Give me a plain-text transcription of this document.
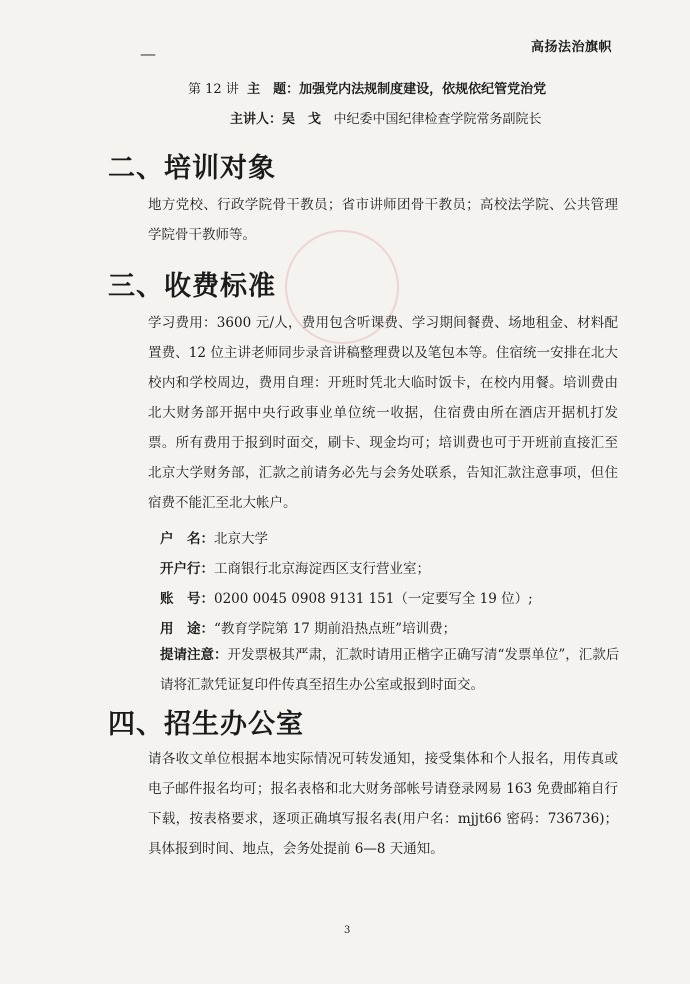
高扬法治旗帜
—
第 12 讲 主　题：加强党内法规制度建设，依规依纪管党治党
主讲人：吴　戈 中纪委中国纪律检查学院常务副院长
二、培训对象
地方党校、行政学院骨干教员；省市讲师团骨干教员；高校法学院、公共管理学院骨干教师等。
三、收费标准
学习费用：3600 元/人，费用包含听课费、学习期间餐费、场地租金、材料配置费、12 位主讲老师同步录音讲稿整理费以及笔包本等。住宿统一安排在北大校内和学校周边，费用自理：开班时凭北大临时饭卡，在校内用餐。培训费由北大财务部开据中央行政事业单位统一收据，住宿费由所在酒店开据机打发票。所有费用于报到时面交，刷卡、现金均可；培训费也可于开班前直接汇至北京大学财务部，汇款之前请务必先与会务处联系，告知汇款注意事项，但住宿费不能汇至北大帐户。
户　名：北京大学
开户行：工商银行北京海淀西区支行营业室；
账　号：0200 0045 0908 9131 151（一定要写全 19 位）;
用　途：“教育学院第 17 期前沿热点班”培训费；
提请注意：开发票极其严肃，汇款时请用正楷字正确写清“发票单位”，汇款后请将汇款凭证复印件传真至招生办公室或报到时面交。
四、招生办公室
请各收文单位根据本地实际情况可转发通知，接受集体和个人报名，用传真或电子邮件报名均可；报名表格和北大财务部帐号请登录网易 163 免费邮箱自行下载，按表格要求，逐项正确填写报名表(用户名：mjjt66 密码：736736)；具体报到时间、地点，会务处提前 6—8 天通知。
3
